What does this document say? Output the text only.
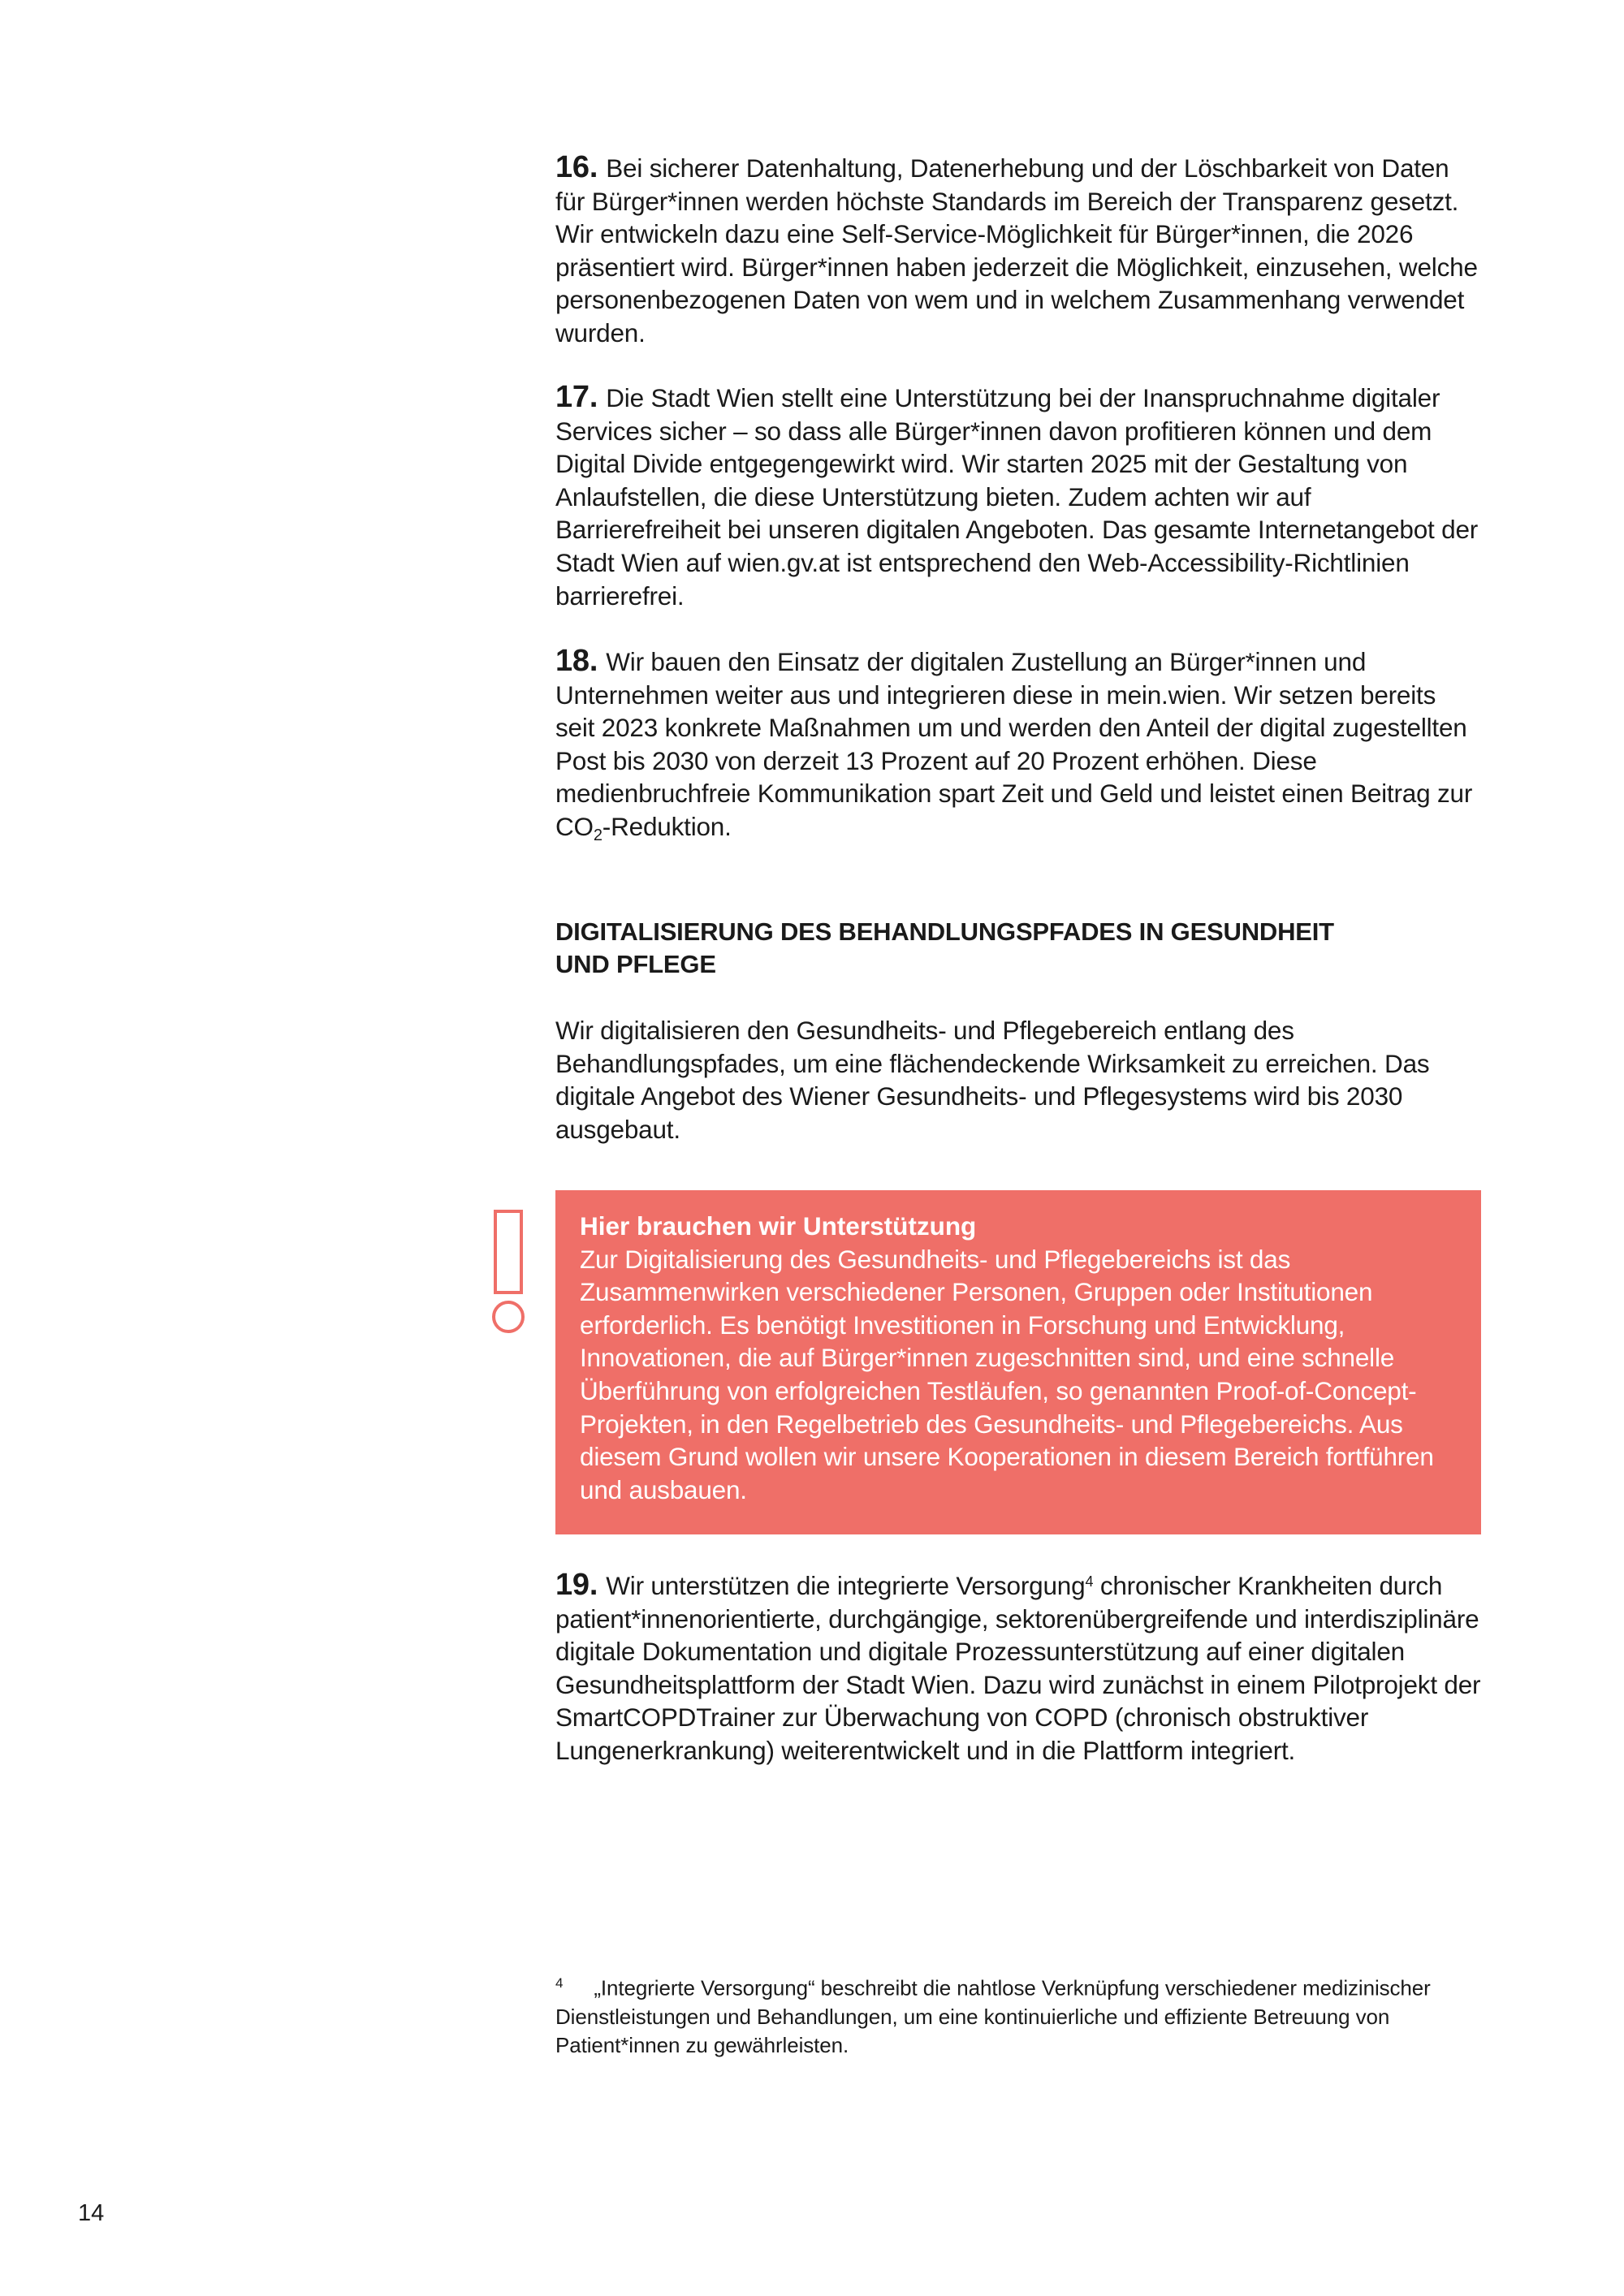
16. Bei sicherer Datenhaltung, Datenerhebung und der Löschbarkeit von Daten für Bürger*innen werden höchste Standards im Bereich der Transparenz gesetzt. Wir entwickeln dazu eine Self-Service-Möglichkeit für Bürger*innen, die 2026 präsentiert wird. Bürger*innen haben jederzeit die Möglichkeit, einzusehen, welche personenbezogenen Daten von wem und in welchem Zusammenhang verwendet wurden.

17. Die Stadt Wien stellt eine Unterstützung bei der Inanspruchnahme digitaler Services sicher – so dass alle Bürger*innen davon profitieren können und dem Digital Divide entgegengewirkt wird. Wir starten 2025 mit der Gestaltung von Anlaufstellen, die diese Unterstützung bieten. Zudem achten wir auf Barrierefreiheit bei unseren digitalen Angeboten. Das gesamte Internetangebot der Stadt Wien auf wien.gv.at ist entsprechend den Web-Accessibility-Richtlinien barrierefrei.

18. Wir bauen den Einsatz der digitalen Zustellung an Bürger*innen und Unternehmen weiter aus und integrieren diese in mein.wien. Wir setzen bereits seit 2023 konkrete Maßnahmen um und werden den Anteil der digital zugestellten Post bis 2030 von derzeit 13 Prozent auf 20 Prozent erhöhen. Diese medienbruchfreie Kommunikation spart Zeit und Geld und leistet einen Beitrag zur $CO_2$-Reduktion.

DIGITALISIERUNG DES BEHANDLUNGSPFADES IN GESUNDHEIT

UND PFLEGE

Wir digitalisieren den Gesundheits- und Pflegebereich entlang des Behandlungspfades, um eine flächendeckende Wirksamkeit zu erreichen. Das digitale Angebot des Wiener Gesundheits- und Pflegesystems wird bis 2030 ausgebaut.

Hier brauchen wir Unterstützung

Zur Digitalisierung des Gesundheits- und Pflegebereichs ist das Zusammenwirken verschiedener Personen, Gruppen oder Institutionen erforderlich. Es benötigt Investitionen in Forschung und Entwicklung, Innovationen, die auf Bürger*innen zugeschnitten sind, und eine schnelle Überführung von erfolgreichen Testläufen, so genannten Proof-of-Concept-Projekten, in den Regelbetrieb des Gesundheits- und Pflegebereichs. Aus diesem Grund wollen wir unsere Kooperationen in diesem Bereich fortführen und ausbauen.

19. Wir unterstützen die integrierte Versorgung$^4$ chronischer Krankheiten durch patient*innenorientierte, durchgängige, sektorenübergreifende und interdisziplinäre digitale Dokumentation und digitale Prozessunterstützung auf einer digitalen Gesundheitsplattform der Stadt Wien. Dazu wird zunächst in einem Pilotprojekt der SmartCOPDTrainer zur Überwachung von COPD (chronisch obstruktiver Lungenerkrankung) weiterentwickelt und in die Plattform integriert.

$^4$ „Integrierte Versorgung“ beschreibt die nahtlose Verknüpfung verschiedener medizinischer Dienstleistungen und Behandlungen, um eine kontinuierliche und effiziente Betreuung von Patient*innen zu gewährleisten.

14
